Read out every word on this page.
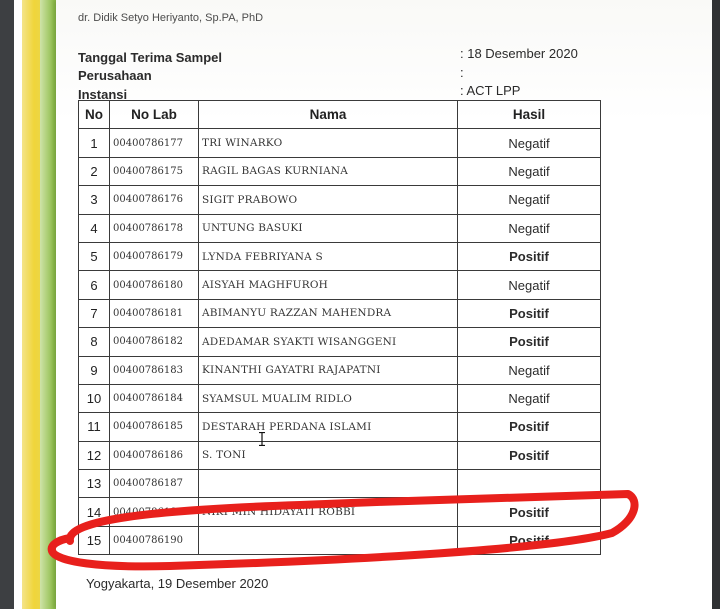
dr. Didik Setyo Heriyanto, Sp.PA, PhD
Tanggal Terima Sampel	: 18 Desember 2020
Perusahaan	:
Instansi	: ACT LPP
No	No Lab	Nama	Hasil
1	00400786177	TRI WINARKO	Negatif
2	00400786175	RAGIL BAGAS KURNIANA	Negatif
3	00400786176	SIGIT PRABOWO	Negatif
4	00400786178	UNTUNG BASUKI	Negatif
5	00400786179	LYNDA FEBRIYANA S	Positif
6	00400786180	AISYAH MAGHFUROH	Negatif
7	00400786181	ABIMANYU RAZZAN MAHENDRA	Positif
8	00400786182	ADEDAMAR SYAKTI WISANGGENI	Positif
9	00400786183	KINANTHI GAYATRI RAJAPATNI	Negatif
10	00400786184	SYAMSUL MUALIM RIDLO	Negatif
11	00400786185	DESTARAH PERDANA ISLAMI	Positif
12	00400786186	S. TONI	Positif
13	00400786187		
14	00400786189	NIKI MIN HIDAYATI ROBBI	Positif
15	00400786190		Positif
Yogyakarta, 19 Desember 2020
